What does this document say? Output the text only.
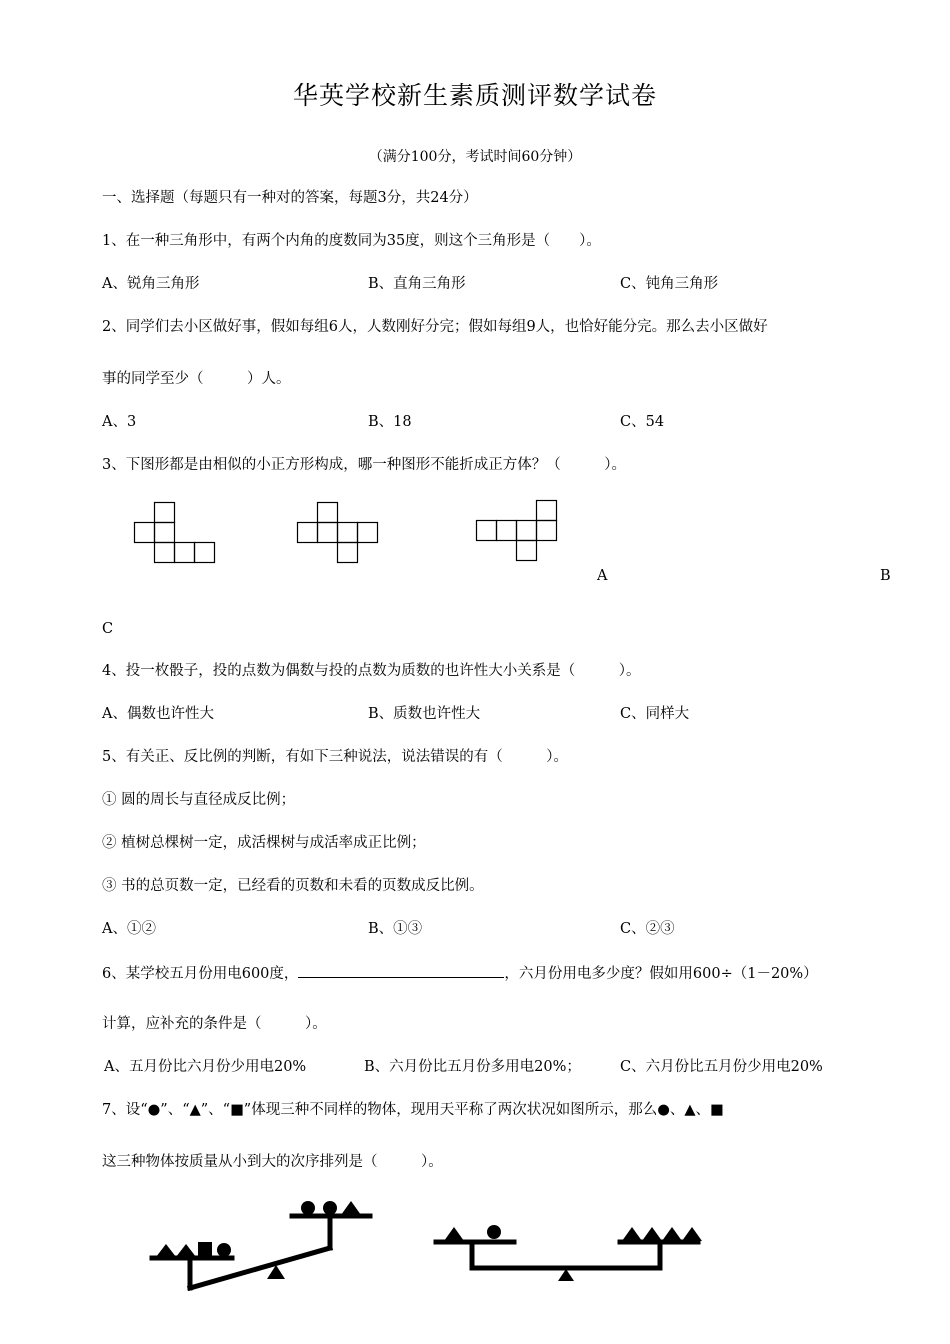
华英学校新生素质测评数学试卷
（满分100分，考试时间60分钟）
一、选择题（每题只有一种对的答案，每题3分，共24分）
1、在一种三角形中，有两个内角的度数同为35度，则这个三角形是（　　）。
A、锐角三角形	B、直角三角形	C、钝角三角形
2、同学们去小区做好事，假如每组6人，人数刚好分完；假如每组9人，也恰好能分完。那么去小区做好
事的同学至少（　　　）人。
A、3	B、18	C、54
3、下图形都是由相似的小正方形构成，哪一种图形不能折成正方体？（　　　）。
A	B
C
4、投一枚骰子，投的点数为偶数与投的点数为质数的也许性大小关系是（　　　）。
A、偶数也许性大	B、质数也许性大	C、同样大
5、有关正、反比例的判断，有如下三种说法，说法错误的有（　　　）。
① 圆的周长与直径成反比例；
② 植树总棵树一定，成活棵树与成活率成正比例；
③ 书的总页数一定，已经看的页数和未看的页数成反比例。
A、①②	B、①③	C、②③
6、某学校五月份用电600度，	，六月份用电多少度？假如用600÷（1－20%）
计算，应补充的条件是（　　　）。
A、五月份比六月份少用电20%	B、六月份比五月份多用电20%；	C、六月份比五月份少用电20%
7、设“●”、“▲”、“■”体现三种不同样的物体，现用天平称了两次状况如图所示，那么●、▲、■
这三种物体按质量从小到大的次序排列是（　　　）。
